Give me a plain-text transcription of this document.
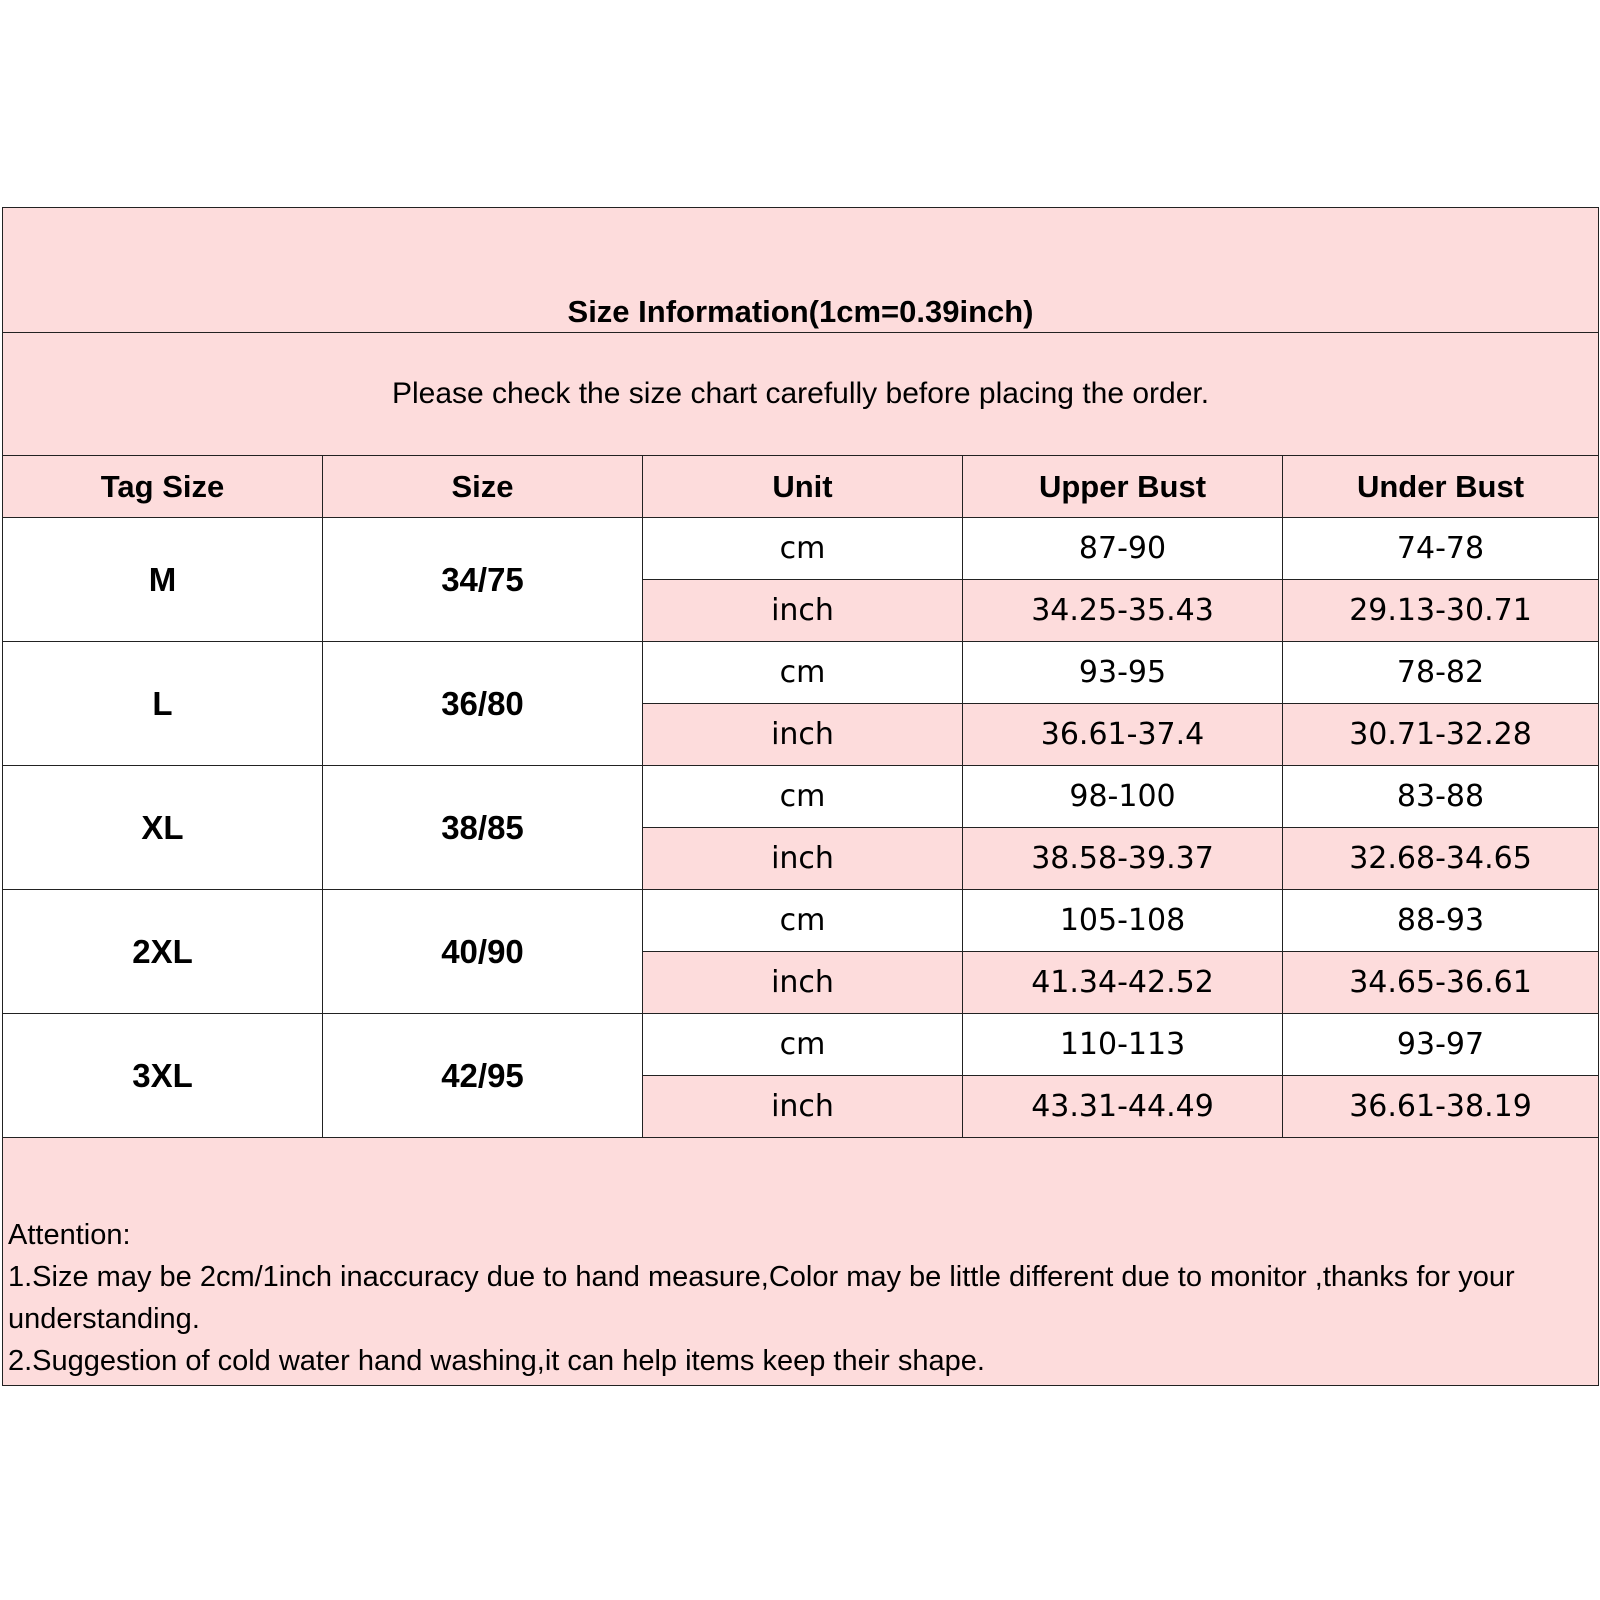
Size Information(1cm=0.39inch)				
Please check the size chart carefully before placing the order.				
Tag Size	Size	Unit	Upper Bust	Under Bust
M	34/75	cm	87-90	74-78
		inch	34.25-35.43	29.13-30.71
L	36/80	cm	93-95	78-82
		inch	36.61-37.4	30.71-32.28
XL	38/85	cm	98-100	83-88
		inch	38.58-39.37	32.68-34.65
2XL	40/90	cm	105-108	88-93
		inch	41.34-42.52	34.65-36.61
3XL	42/95	cm	110-113	93-97
		inch	43.31-44.49	36.61-38.19

Attention:
1.Size may be 2cm/1inch inaccuracy due to hand measure,Color may be little different due to monitor ,thanks for your understanding.
2.Suggestion of cold water hand washing,it can help items keep their shape.				
